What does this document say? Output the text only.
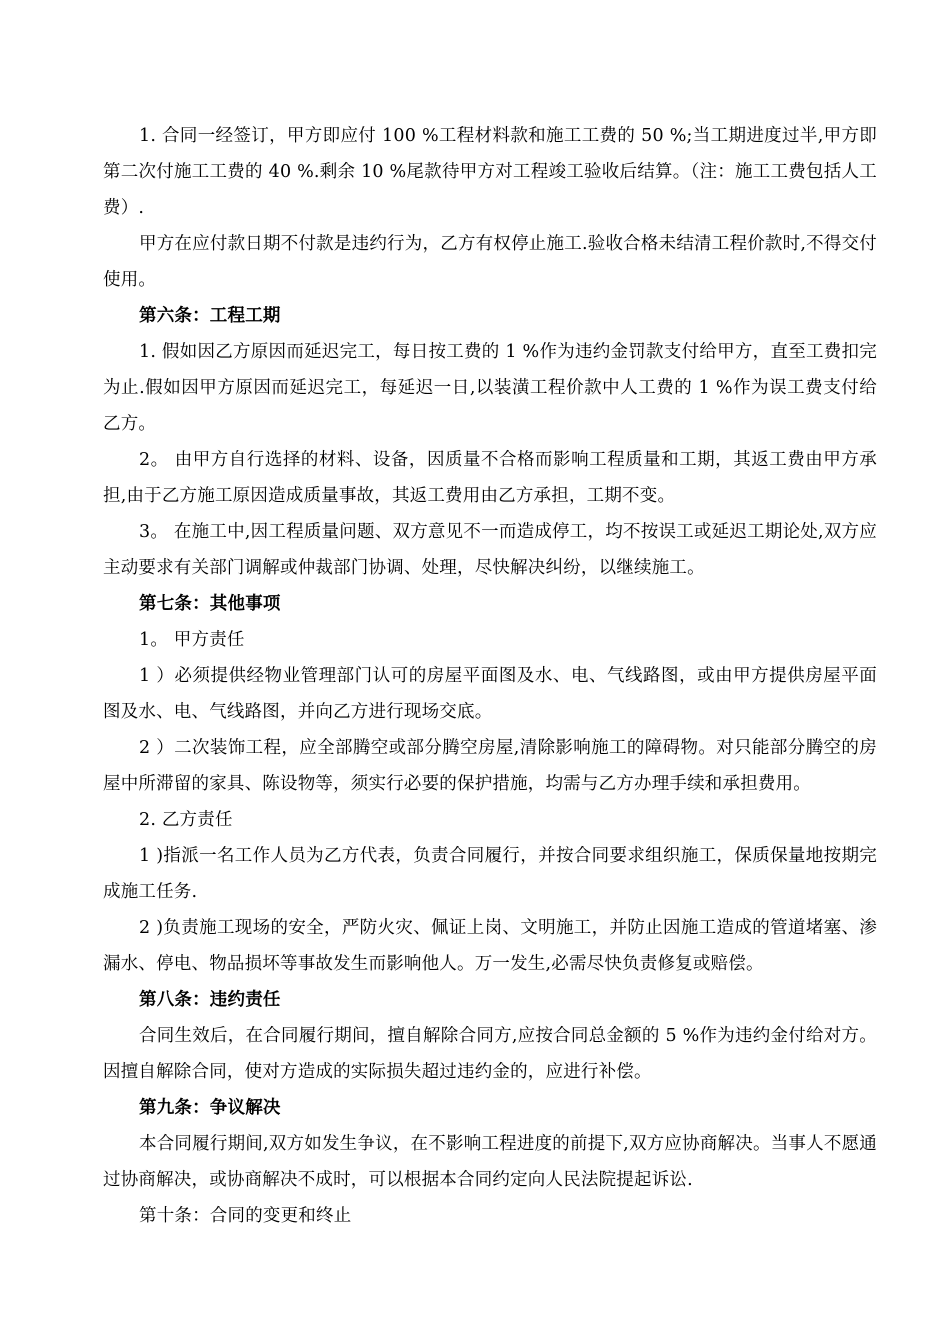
1. 合同一经签订，甲方即应付 100 %工程材料款和施工工费的 50 %;当工期进度过半,甲方即第二次付施工工费的 40 %.剩余 10 %尾款待甲方对工程竣工验收后结算。（注：施工工费包括人工费）.

甲方在应付款日期不付款是违约行为，乙方有权停止施工.验收合格未结清工程价款时,不得交付使用。

第六条：工程工期

1. 假如因乙方原因而延迟完工，每日按工费的 1 %作为违约金罚款支付给甲方，直至工费扣完为止.假如因甲方原因而延迟完工，每延迟一日,以装潢工程价款中人工费的 1 %作为误工费支付给乙方。

2。 由甲方自行选择的材料、设备，因质量不合格而影响工程质量和工期，其返工费由甲方承担,由于乙方施工原因造成质量事故，其返工费用由乙方承担，工期不变。

3。 在施工中,因工程质量问题、双方意见不一而造成停工，均不按误工或延迟工期论处,双方应主动要求有关部门调解或仲裁部门协调、处理，尽快解决纠纷，以继续施工。

第七条：其他事项

1。 甲方责任

1 ）必须提供经物业管理部门认可的房屋平面图及水、电、气线路图，或由甲方提供房屋平面图及水、电、气线路图，并向乙方进行现场交底。

2 ）二次装饰工程，应全部腾空或部分腾空房屋,清除影响施工的障碍物。对只能部分腾空的房屋中所滞留的家具、陈设物等，须实行必要的保护措施，均需与乙方办理手续和承担费用。

2. 乙方责任

1 )指派一名工作人员为乙方代表，负责合同履行，并按合同要求组织施工，保质保量地按期完成施工任务.

2 )负责施工现场的安全，严防火灾、佩证上岗、文明施工，并防止因施工造成的管道堵塞、渗漏水、停电、物品损坏等事故发生而影响他人。万一发生,必需尽快负责修复或赔偿。

第八条：违约责任

合同生效后，在合同履行期间，擅自解除合同方,应按合同总金额的 5 %作为违约金付给对方。因擅自解除合同，使对方造成的实际损失超过违约金的，应进行补偿。

第九条：争议解决

本合同履行期间,双方如发生争议，在不影响工程进度的前提下,双方应协商解决。当事人不愿通过协商解决，或协商解决不成时，可以根据本合同约定向人民法院提起诉讼.

第十条：合同的变更和终止
